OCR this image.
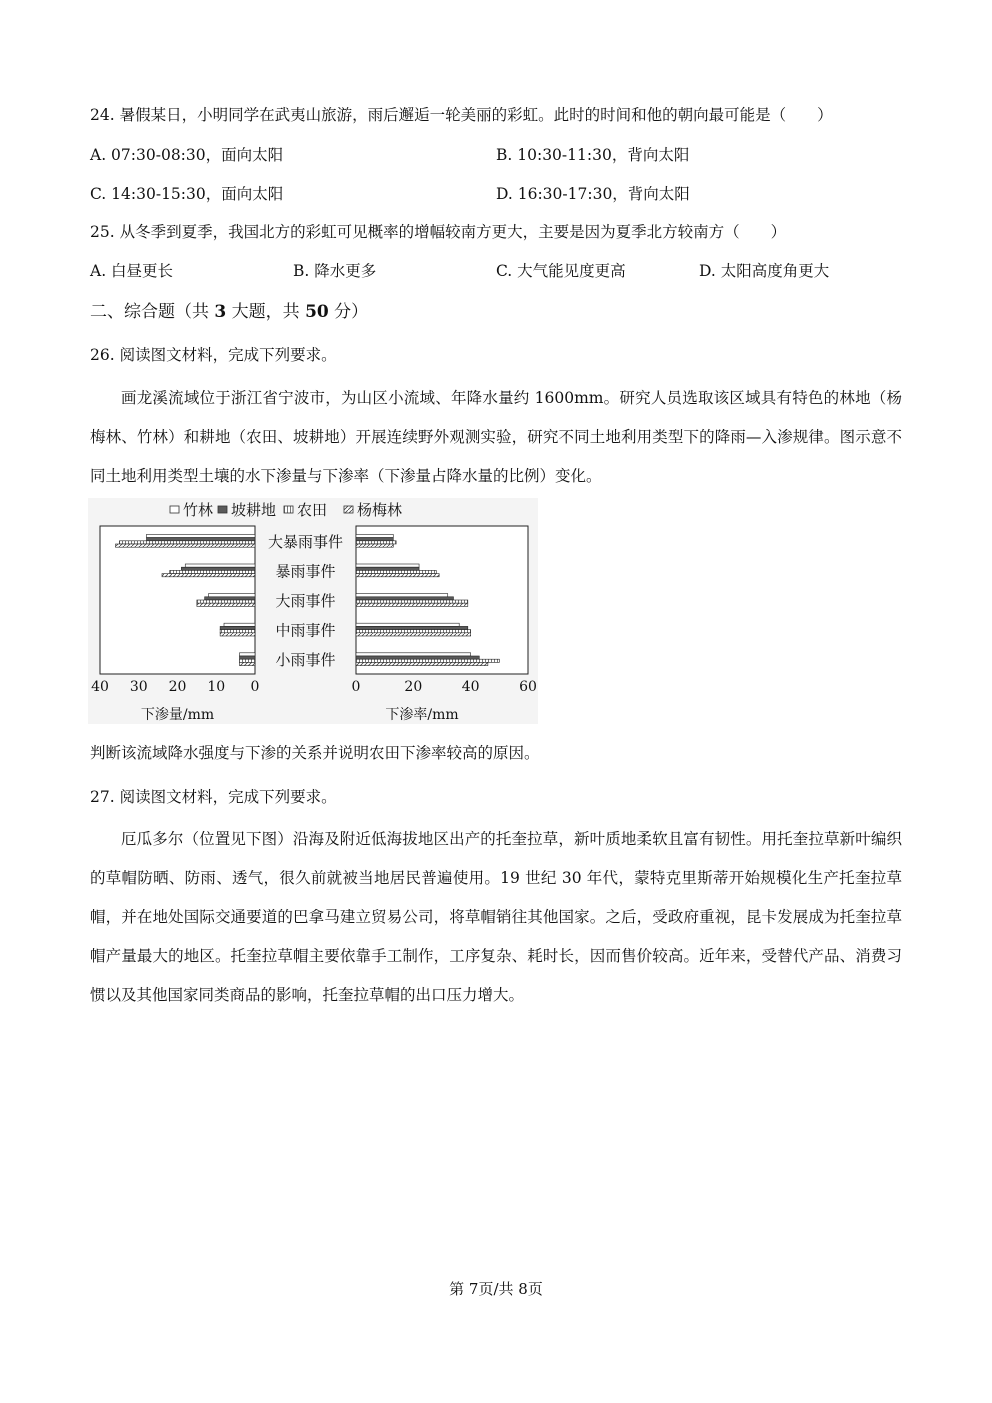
24. 暑假某日，小明同学在武夷山旅游，雨后邂逅一轮美丽的彩虹。此时的时间和他的朝向最可能是（　　）
A. 07:30-08:30，面向太阳	B. 10:30-11:30，背向太阳
C. 14:30-15:30，面向太阳	D. 16:30-17:30，背向太阳
25. 从冬季到夏季，我国北方的彩虹可见概率的增幅较南方更大，主要是因为夏季北方较南方（　　）
A. 白昼更长	B. 降水更多	C. 大气能见度更高	D. 太阳高度角更大
二、综合题（共 3 大题，共 50 分）
26. 阅读图文材料，完成下列要求。
画龙溪流域位于浙江省宁波市，为山区小流域、年降水量约 1600mm。研究人员选取该区域具有特色的林地（杨梅林、竹林）和耕地（农田、坡耕地）开展连续野外观测实验，研究不同土地利用类型下的降雨—入渗规律。图示意不同土地利用类型土壤的水下渗量与下渗率（下渗量占降水量的比例）变化。
竹林 坡耕地 农田 杨梅林
大暴雨事件
暴雨事件
大雨事件
中雨事件
小雨事件
40 30 20 10 0	0	20	40	60
下渗量/mm	下渗率/mm
判断该流域降水强度与下渗的关系并说明农田下渗率较高的原因。
27. 阅读图文材料，完成下列要求。
厄瓜多尔（位置见下图）沿海及附近低海拔地区出产的托奎拉草，新叶质地柔软且富有韧性。用托奎拉草新叶编织的草帽防晒、防雨、透气，很久前就被当地居民普遍使用。19 世纪 30 年代，蒙特克里斯蒂开始规模化生产托奎拉草帽，并在地处国际交通要道的巴拿马建立贸易公司，将草帽销往其他国家。之后，受政府重视，昆卡发展成为托奎拉草帽产量最大的地区。托奎拉草帽主要依靠手工制作，工序复杂、耗时长，因而售价较高。近年来，受替代产品、消费习惯以及其他国家同类商品的影响，托奎拉草帽的出口压力增大。
第 7页/共 8页
